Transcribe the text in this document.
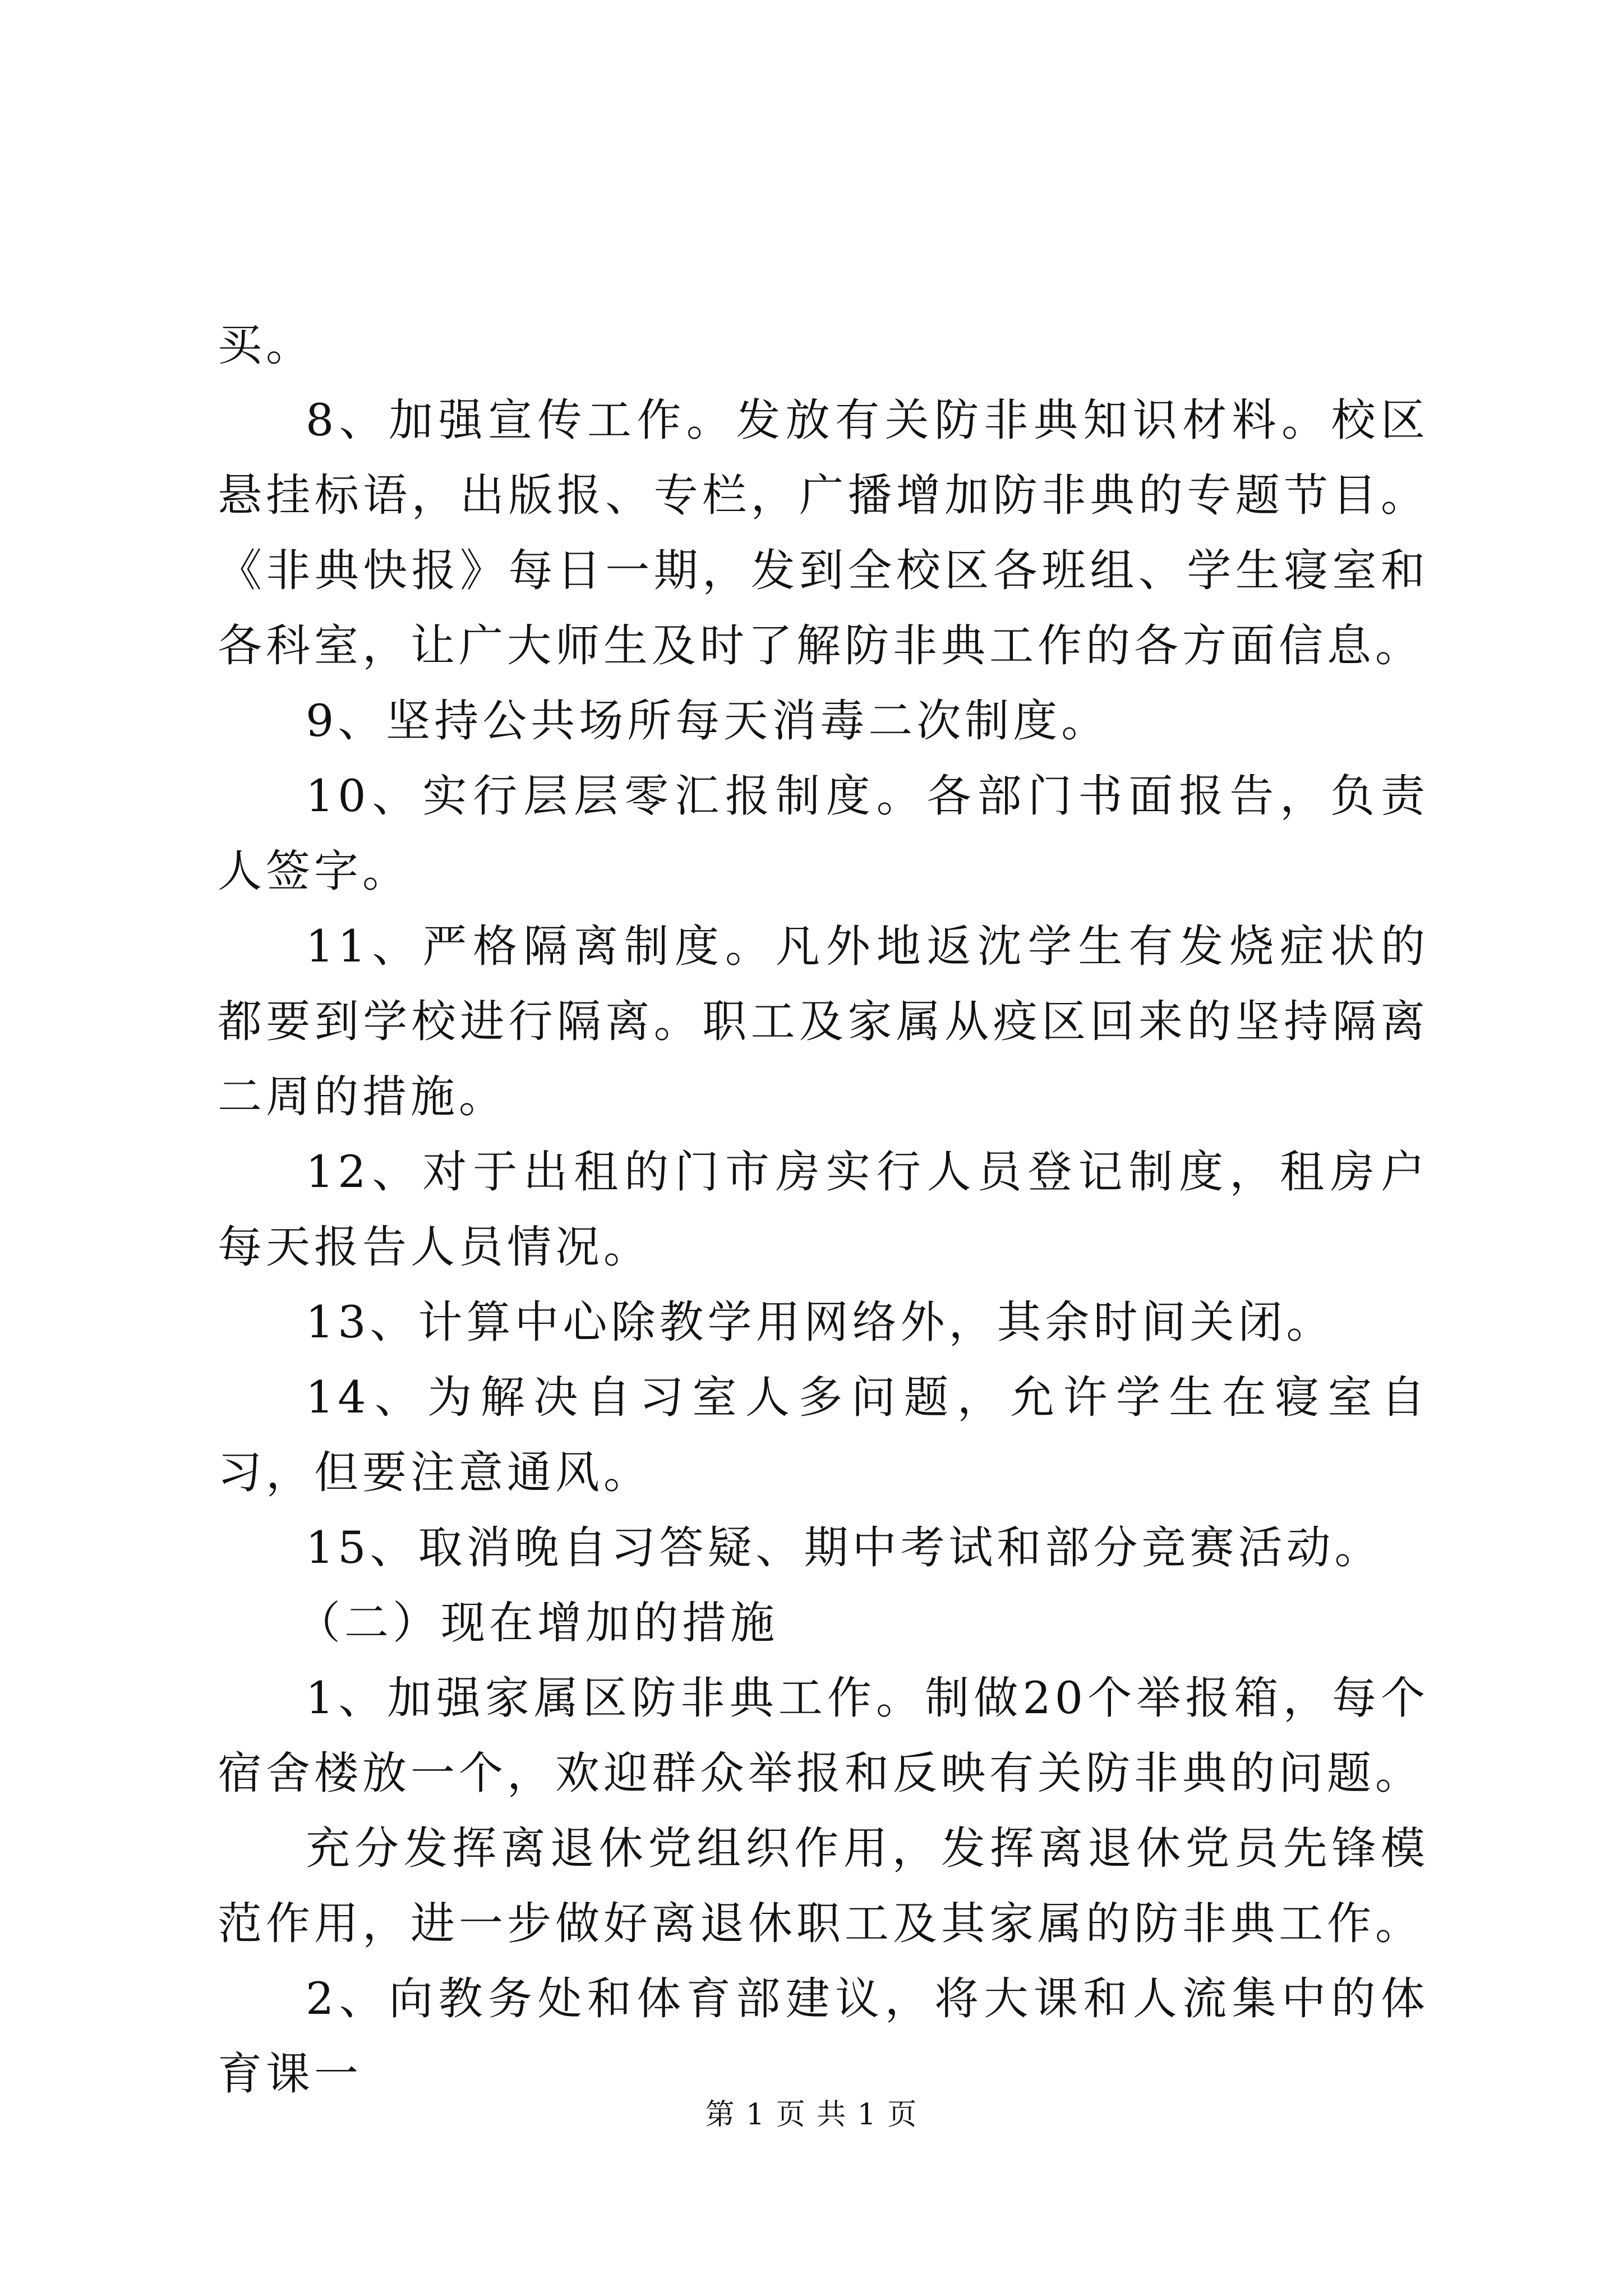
买。

8、加强宣传工作。发放有关防非典知识材料。校区悬挂标语，出版报、专栏，广播增加防非典的专题节目。《非典快报》每日一期，发到全校区各班组、学生寝室和各科室，让广大师生及时了解防非典工作的各方面信息。

9、坚持公共场所每天消毒二次制度。

10、实行层层零汇报制度。各部门书面报告，负责人签字。

11、严格隔离制度。凡外地返沈学生有发烧症状的都要到学校进行隔离。职工及家属从疫区回来的坚持隔离二周的措施。

12、对于出租的门市房实行人员登记制度，租房户每天报告人员情况。

13、计算中心除教学用网络外，其余时间关闭。

14、为解决自习室人多问题，允许学生在寝室自习，但要注意通风。

15、取消晚自习答疑、期中考试和部分竞赛活动。

（二）现在增加的措施

1、加强家属区防非典工作。制做20个举报箱，每个宿舍楼放一个，欢迎群众举报和反映有关防非典的问题。

充分发挥离退休党组织作用，发挥离退休党员先锋模范作用，进一步做好离退休职工及其家属的防非典工作。

2、向教务处和体育部建议，将大课和人流集中的体育课一

第 1 页 共 1 页
